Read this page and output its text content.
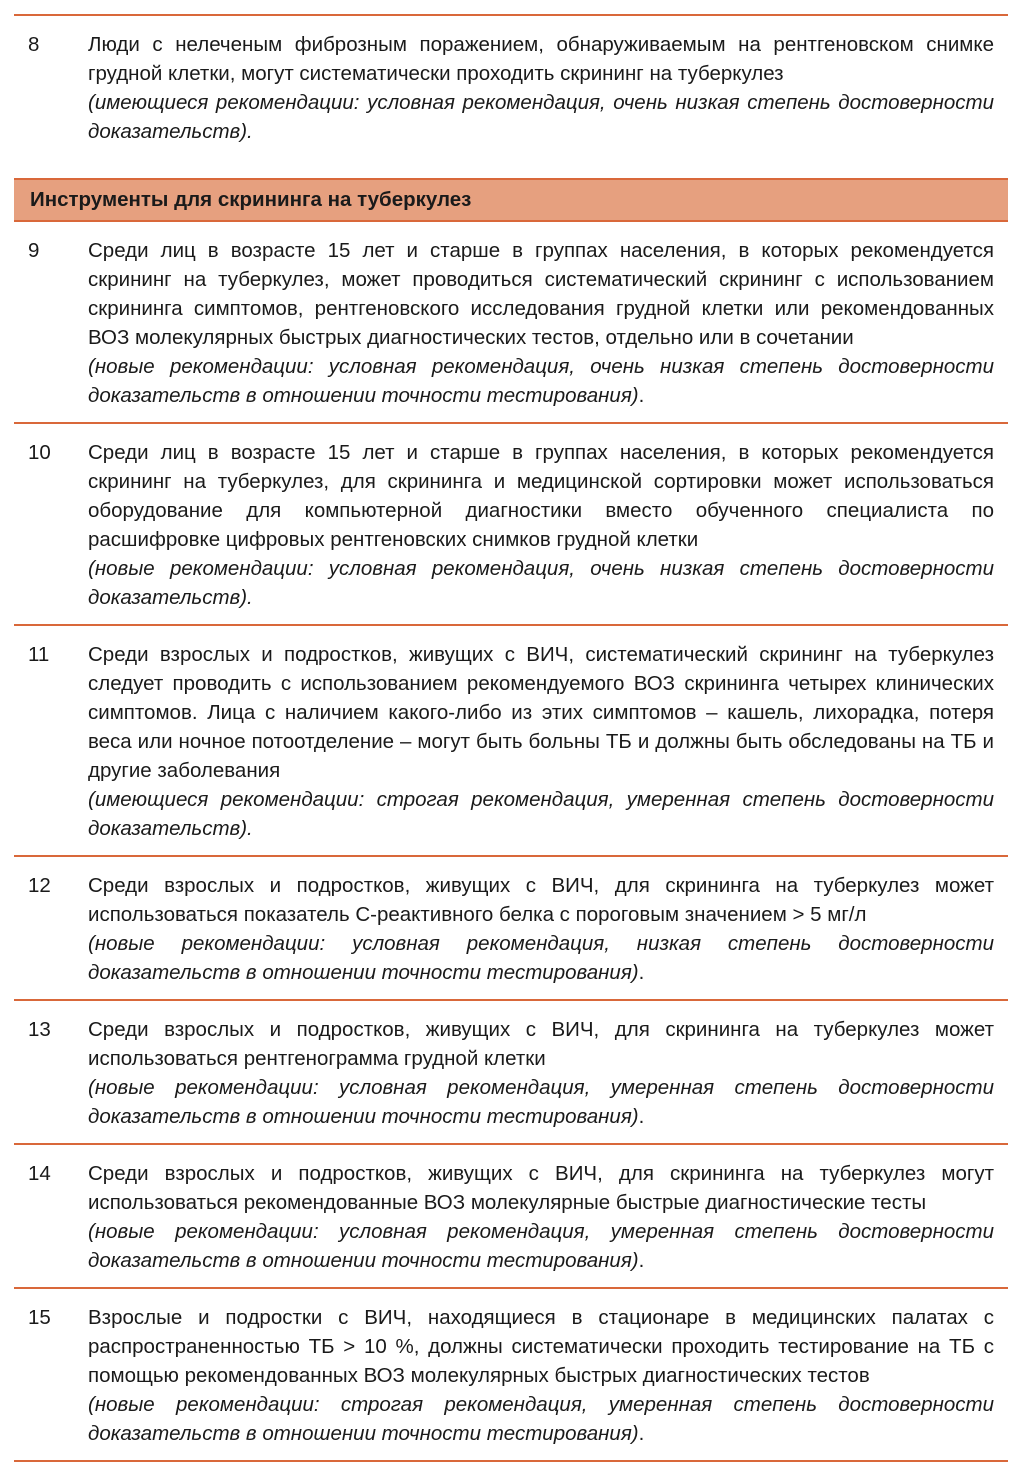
8	Люди с нелеченым фиброзным поражением, обнаруживаемым на рентгеновском снимке грудной клетки, могут систематически проходить скрининг на туберкулез
(имеющиеся рекомендации: условная рекомендация, очень низкая степень достоверности доказательств).
Инструменты для скрининга на туберкулез
9	Среди лиц в возрасте 15 лет и старше в группах населения, в которых рекомендуется скрининг на туберкулез, может проводиться систематический скрининг с использованием скрининга симптомов, рентгеновского исследования грудной клетки или рекомендованных ВОЗ молекулярных быстрых диагностических тестов, отдельно или в сочетании
(новые рекомендации: условная рекомендация, очень низкая степень достоверности доказательств в отношении точности тестирования).
10	Среди лиц в возрасте 15 лет и старше в группах населения, в которых рекомендуется скрининг на туберкулез, для скрининга и медицинской сортировки может использоваться оборудование для компьютерной диагностики вместо обученного специалиста по расшифровке цифровых рентгеновских снимков грудной клетки
(новые рекомендации: условная рекомендация, очень низкая степень достоверности доказательств).
11	Среди взрослых и подростков, живущих с ВИЧ, систематический скрининг на туберкулез следует проводить с использованием рекомендуемого ВОЗ скрининга четырех клинических симптомов. Лица с наличием какого-либо из этих симптомов – кашель, лихорадка, потеря веса или ночное потоотделение – могут быть больны ТБ и должны быть обследованы на ТБ и другие заболевания
(имеющиеся рекомендации: строгая рекомендация, умеренная степень достоверности доказательств).
12	Среди взрослых и подростков, живущих с ВИЧ, для скрининга на туберкулез может использоваться показатель C-реактивного белка с пороговым значением > 5 мг/л
(новые рекомендации: условная рекомендация, низкая степень достоверности доказательств в отношении точности тестирования).
13	Среди взрослых и подростков, живущих с ВИЧ, для скрининга на туберкулез может использоваться рентгенограмма грудной клетки
(новые рекомендации: условная рекомендация, умеренная степень достоверности доказательств в отношении точности тестирования).
14	Среди взрослых и подростков, живущих с ВИЧ, для скрининга на туберкулез могут использоваться рекомендованные ВОЗ молекулярные быстрые диагностические тесты
(новые рекомендации: условная рекомендация, умеренная степень достоверности доказательств в отношении точности тестирования).
15	Взрослые и подростки с ВИЧ, находящиеся в стационаре в медицинских палатах с распространенностью ТБ > 10 %, должны систематически проходить тестирование на ТБ с помощью рекомендованных ВОЗ молекулярных быстрых диагностических тестов
(новые рекомендации: строгая рекомендация, умеренная степень достоверности доказательств в отношении точности тестирования).
